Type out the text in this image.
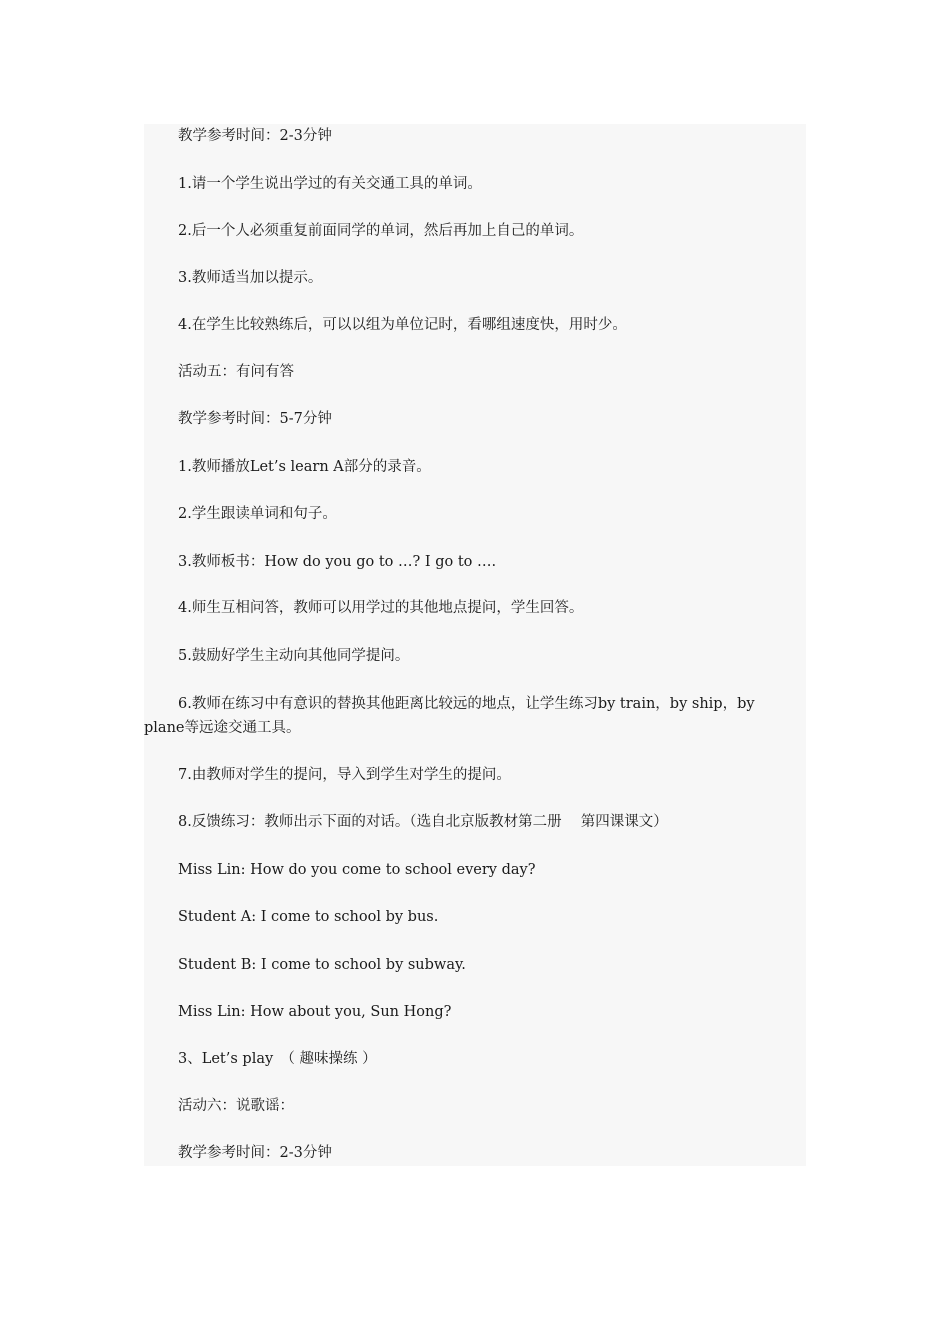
教学参考时间：2-3分钟

1.请一个学生说出学过的有关交通工具的单词。

2.后一个人必须重复前面同学的单词，然后再加上自己的单词。

3.教师适当加以提示。

4.在学生比较熟练后，可以以组为单位记时，看哪组速度快，用时少。

活动五：有问有答

教学参考时间：5-7分钟

1.教师播放Let’s learn A部分的录音。

2.学生跟读单词和句子。

3.教师板书：How do you go to …? I go to ….

4.师生互相问答，教师可以用学过的其他地点提问，学生回答。

5.鼓励好学生主动向其他同学提问。

6.教师在练习中有意识的替换其他距离比较远的地点，让学生练习by train，by ship，by plane等远途交通工具。

7.由教师对学生的提问，导入到学生对学生的提问。

8.反馈练习：教师出示下面的对话。（选自北京版教材第二册　 第四课课文）

Miss Lin: How do you come to school every day?

Student A: I come to school by bus.

Student B: I come to school by subway.

Miss Lin: How about you, Sun Hong?

3、Let’s play　（ 趣味操练 ）

活动六：说歌谣：

教学参考时间：2-3分钟
